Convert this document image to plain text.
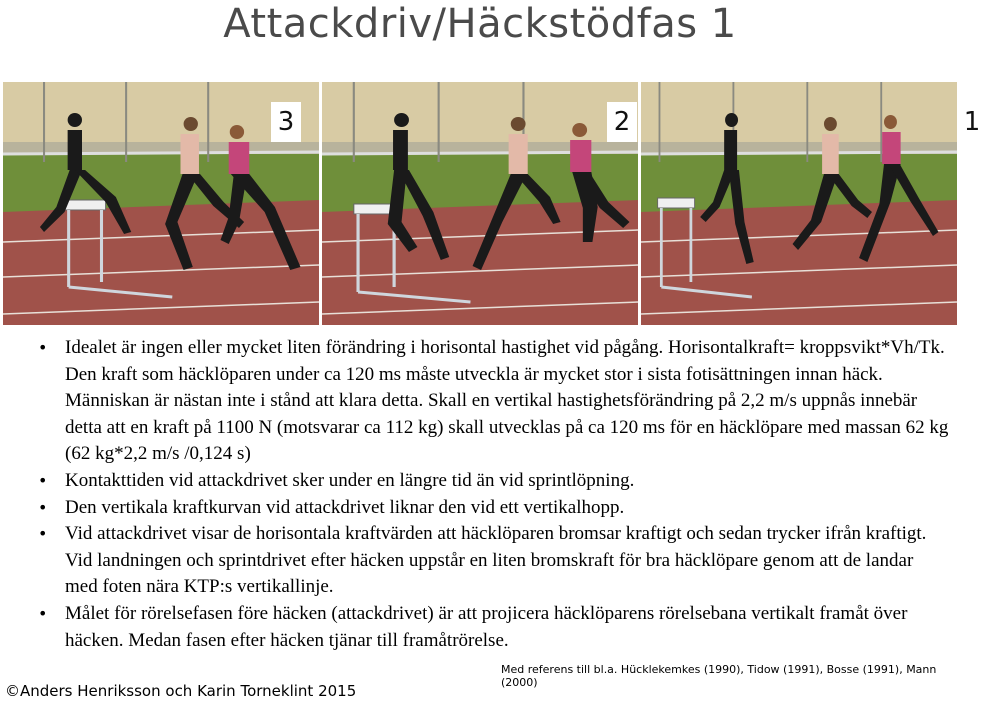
Attackdriv/Häckstödfas 1
3	2	1
• Idealet är ingen eller mycket liten förändring i horisontal hastighet vid pågång. Horisontalkraft= kroppsvikt*Vh/Tk. Den kraft som häcklöparen under ca 120 ms måste utveckla är mycket stor i sista fotisättningen innan häck. Människan är nästan inte i stånd att klara detta. Skall en vertikal hastighetsförändring på 2,2 m/s uppnås innebär detta att en kraft på 1100 N (motsvarar ca 112 kg) skall utvecklas på ca 120 ms för en häcklöpare med massan 62 kg (62 kg*2,2 m/s /0,124 s)
• Kontakttiden vid attackdrivet sker under en längre tid än vid sprintlöpning.
• Den vertikala kraftkurvan vid attackdrivet liknar den vid ett vertikalhopp.
• Vid attackdrivet visar de horisontala kraftvärden att häcklöparen bromsar kraftigt och sedan trycker ifrån kraftigt. Vid landningen och sprintdrivet efter häcken uppstår en liten bromskraft för bra häcklöpare genom att de landar med foten nära KTP:s vertikallinje.
• Målet för rörelsefasen före häcken (attackdrivet) är att projicera häcklöparens rörelsebana vertikalt framåt över häcken. Medan fasen efter häcken tjänar till framåtrörelse.
Med referens till bl.a. Hücklekemkes (1990), Tidow (1991), Bosse (1991), Mann (2000)
©Anders Henriksson och Karin Torneklint 2015
